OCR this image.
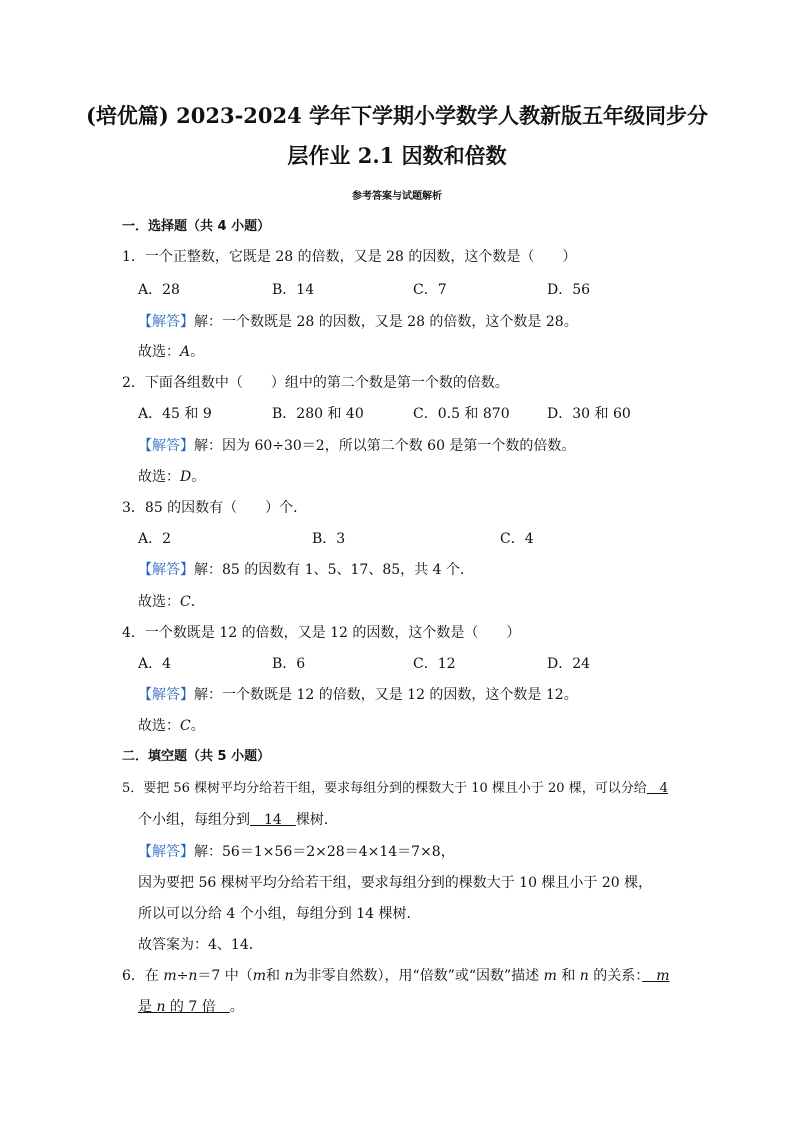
(培优篇) 2023-2024 学年下学期小学数学人教新版五年级同步分
层作业 2.1 因数和倍数
参考答案与试题解析
一．选择题（共 4 小题）
1．一个正整数，它既是 28 的倍数，又是 28 的因数，这个数是（　　）
A．28	B．14	C．7	D．56
【解答】解：一个数既是 28 的因数，又是 28 的倍数，这个数是 28。
故选：A。
2．下面各组数中（　　）组中的第二个数是第一个数的倍数。
A．45 和 9	B．280 和 40	C．0.5 和 870	D．30 和 60
【解答】解：因为 60÷30＝2，所以第二个数 60 是第一个数的倍数。
故选：D。
3．85 的因数有（　　）个．
A．2	B．3	C．4
【解答】解：85 的因数有 1、5、17、85，共 4 个．
故选：C．
4．一个数既是 12 的倍数，又是 12 的因数，这个数是（　　）
A．4	B．6	C．12	D．24
【解答】解：一个数既是 12 的倍数，又是 12 的因数，这个数是 12。
故选：C。
二．填空题（共 5 小题）
5．要把 56 棵树平均分给若干组，要求每组分到的棵数大于 10 棵且小于 20 棵，可以分给　4
个小组，每组分到　14　棵树．
【解答】解：56＝1×56＝2×28＝4×14＝7×8，
因为要把 56 棵树平均分给若干组，要求每组分到的棵数大于 10 棵且小于 20 棵，
所以可以分给 4 个小组，每组分到 14 棵树．
故答案为：4、14．
6．在 m÷n＝7 中（m和 n为非零自然数），用“倍数”或“因数”描述 m 和 n 的关系：　m
是 n 的 7 倍　。
